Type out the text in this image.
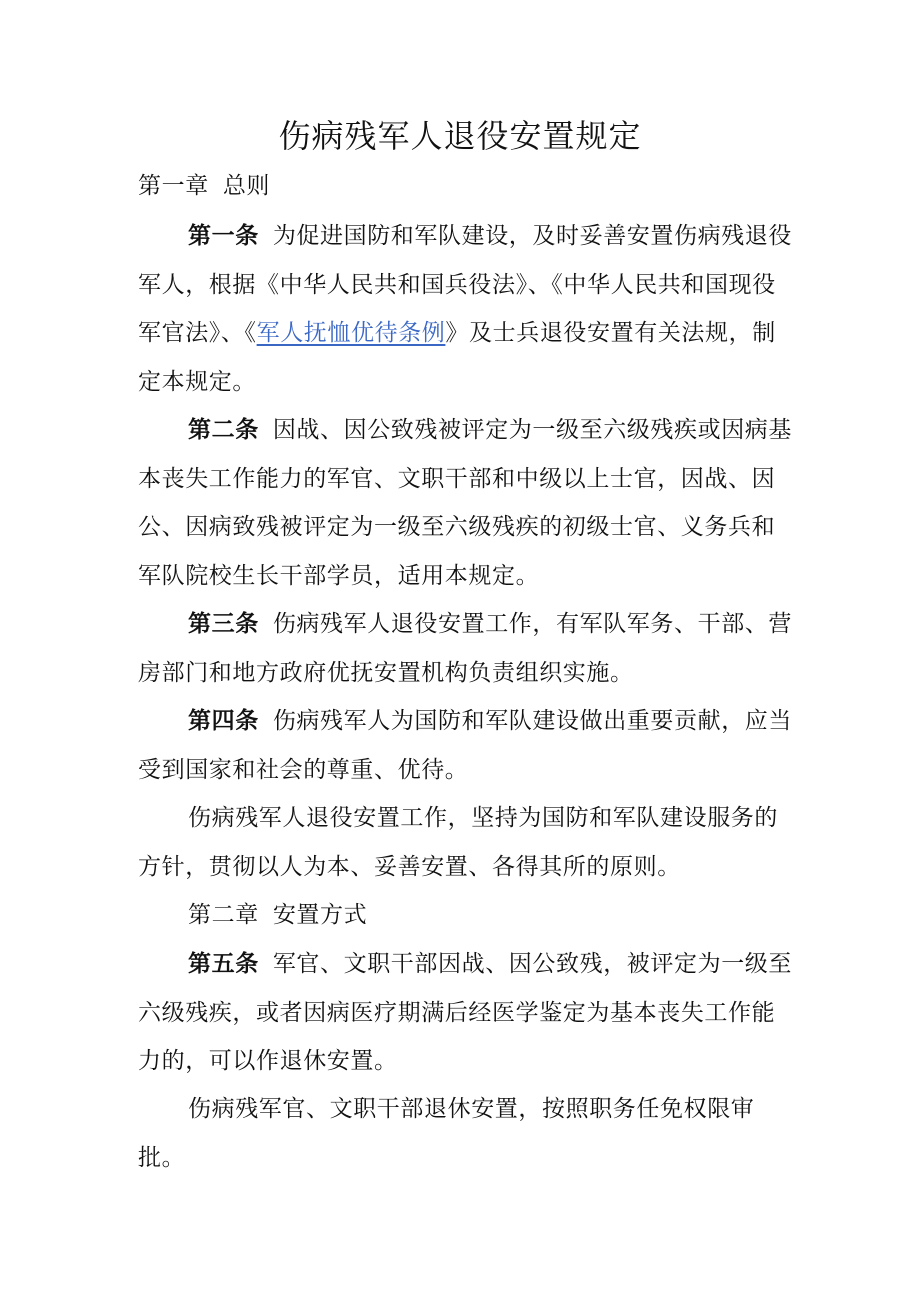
伤病残军人退役安置规定
第一章 总则

第一条 为促进国防和军队建设，及时妥善安置伤病残退役军人，根据《中华人民共和国兵役法》、《中华人民共和国现役军官法》、《军人抚恤优待条例》及士兵退役安置有关法规，制定本规定。

第二条 因战、因公致残被评定为一级至六级残疾或因病基本丧失工作能力的军官、文职干部和中级以上士官，因战、因公、因病致残被评定为一级至六级残疾的初级士官、义务兵和军队院校生长干部学员，适用本规定。

第三条 伤病残军人退役安置工作，有军队军务、干部、营房部门和地方政府优抚安置机构负责组织实施。

第四条 伤病残军人为国防和军队建设做出重要贡献，应当受到国家和社会的尊重、优待。

伤病残军人退役安置工作，坚持为国防和军队建设服务的方针，贯彻以人为本、妥善安置、各得其所的原则。

第二章 安置方式

第五条 军官、文职干部因战、因公致残，被评定为一级至六级残疾，或者因病医疗期满后经医学鉴定为基本丧失工作能力的，可以作退休安置。

伤病残军官、文职干部退休安置，按照职务任免权限审批。
